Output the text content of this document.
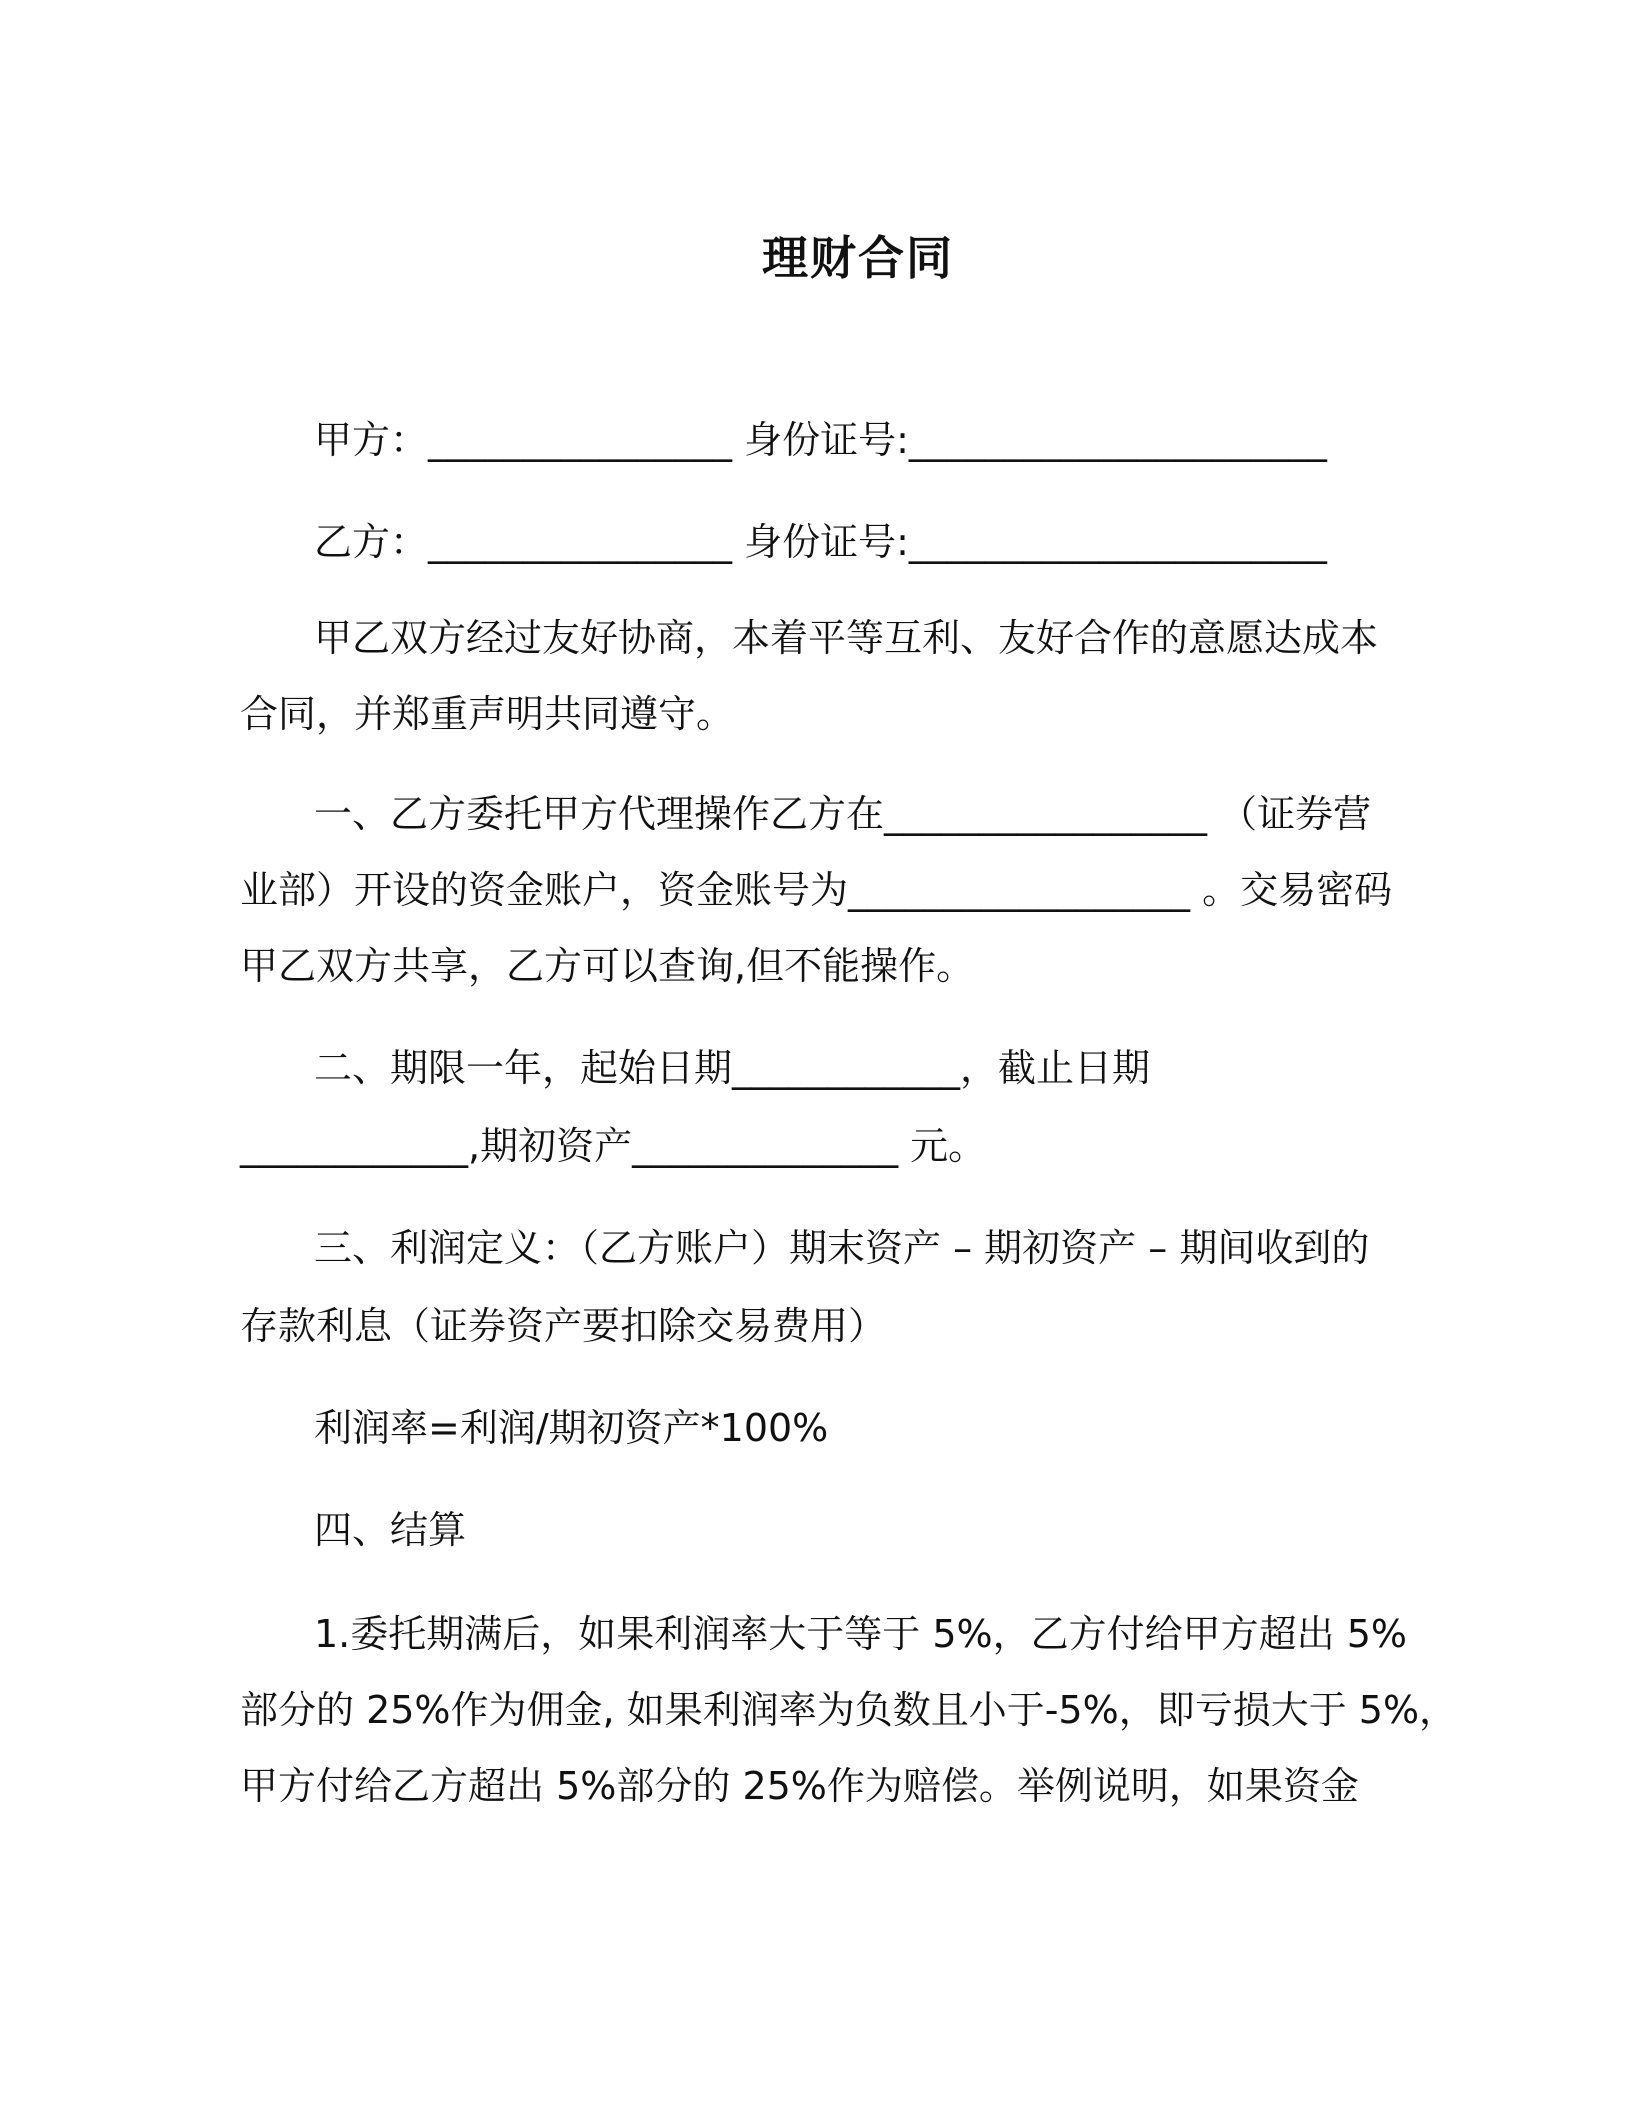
理财合同
甲方：________________ 身份证号:______________________
乙方：________________ 身份证号:______________________
甲乙双方经过友好协商，本着平等互利、友好合作的意愿达成本
合同，并郑重声明共同遵守。
一、乙方委托甲方代理操作乙方在_________________ （证券营
业部）开设的资金账户，资金账号为__________________ 。交易密码
甲乙双方共享，乙方可以查询,但不能操作。
二、期限一年，起始日期____________，截止日期
____________,期初资产______________ 元。
三、利润定义：（乙方账户）期末资产 – 期初资产 – 期间收到的
存款利息（证券资产要扣除交易费用）
利润率=利润/期初资产*100%
四、结算
1.委托期满后，如果利润率大于等于 5%，乙方付给甲方超出 5%
部分的 25%作为佣金, 如果利润率为负数且小于-5%，即亏损大于 5%，
甲方付给乙方超出 5%部分的 25%作为赔偿。举例说明，如果资金
